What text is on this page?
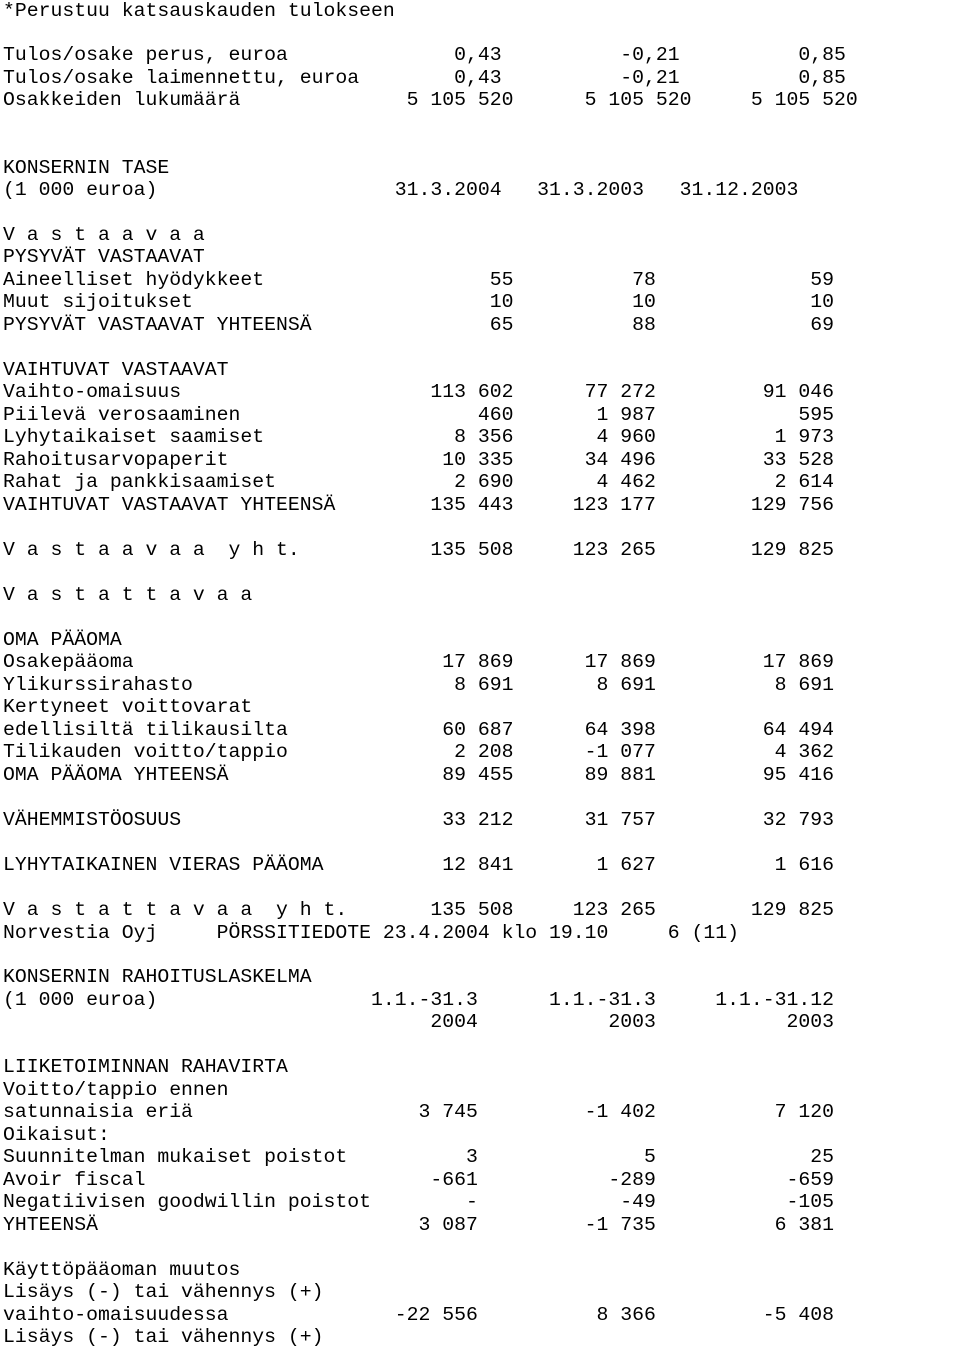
*Perustuu katsauskauden tulokseen
Tulos/osake perus, euroa              0,43          -0,21          0,85
Tulos/osake laimennettu, euroa        0,43          -0,21          0,85
Osakkeiden lukumäärä              5 105 520      5 105 520     5 105 520
KONSERNIN TASE
(1 000 euroa)                    31.3.2004   31.3.2003   31.12.2003
V a s t a a v a a
PYSYVÄT VASTAAVAT
Aineelliset hyödykkeet                   55          78             59
Muut sijoitukset                         10          10             10
PYSYVÄT VASTAAVAT YHTEENSÄ               65          88             69
VAIHTUVAT VASTAAVAT
Vaihto-omaisuus                     113 602      77 272         91 046
Piilevä verosaaminen                    460       1 987            595
Lyhytaikaiset saamiset                8 356       4 960          1 973
Rahoitusarvopaperit                  10 335      34 496         33 528
Rahat ja pankkisaamiset               2 690       4 462          2 614
VAIHTUVAT VASTAAVAT YHTEENSÄ        135 443     123 177        129 756
V a s t a a v a a  y h t.           135 508     123 265        129 825
V a s t a t t a v a a
OMA PÄÄOMA
Osakepääoma                          17 869      17 869         17 869
Ylikurssirahasto                      8 691       8 691          8 691
Kertyneet voittovarat
edellisiltä tilikausilta             60 687      64 398         64 494
Tilikauden voitto/tappio              2 208      -1 077          4 362
OMA PÄÄOMA YHTEENSÄ                  89 455      89 881         95 416
VÄHEMMISTÖOSUUS                      33 212      31 757         32 793
LYHYTAIKAINEN VIERAS PÄÄOMA          12 841       1 627          1 616
V a s t a t t a v a a  y h t.       135 508     123 265        129 825
Norvestia Oyj     PÖRSSITIEDOTE 23.4.2004 klo 19.10     6 (11)
KONSERNIN RAHOITUSLASKELMA
(1 000 euroa)                  1.1.-31.3      1.1.-31.3     1.1.-31.12
2004           2003           2003
LIIKETOIMINNAN RAHAVIRTA
Voitto/tappio ennen
satunnaisia eriä                   3 745         -1 402          7 120
Oikaisut:
Suunnitelman mukaiset poistot          3              5             25
Avoir fiscal                        -661           -289           -659
Negatiivisen goodwillin poistot        -            -49           -105
YHTEENSÄ                           3 087         -1 735          6 381
Käyttöpääoman muutos
Lisäys (-) tai vähennys (+)
vaihto-omaisuudessa              -22 556          8 366         -5 408
Lisäys (-) tai vähennys (+)
